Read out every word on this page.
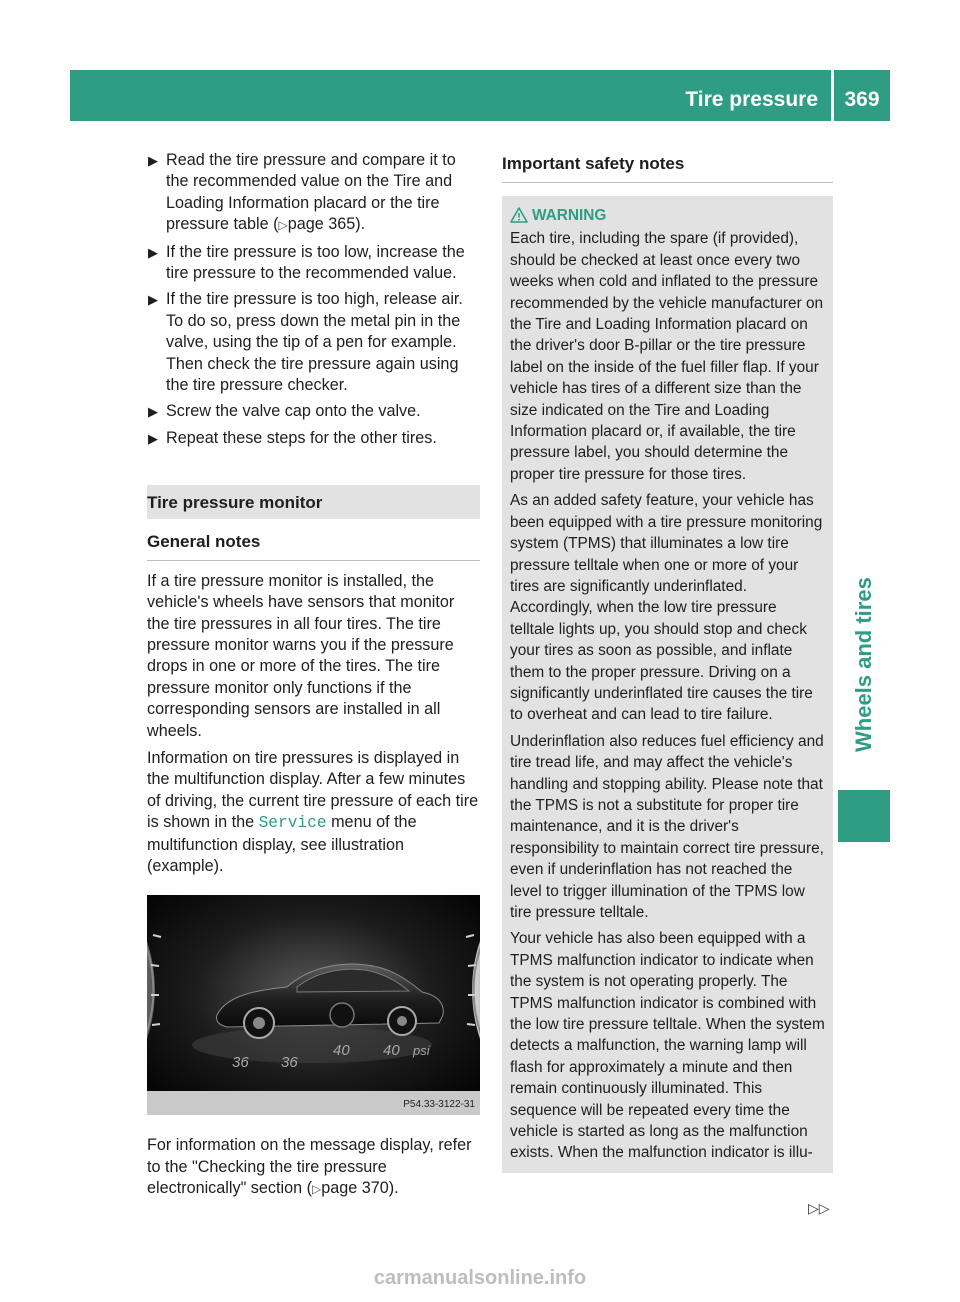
Tire pressure	369
Wheels and tires
▶ Read the tire pressure and compare it to the recommended value on the Tire and Loading Information placard or the tire pressure table (▷page 365).
▶ If the tire pressure is too low, increase the tire pressure to the recommended value.
▶ If the tire pressure is too high, release air. To do so, press down the metal pin in the valve, using the tip of a pen for example. Then check the tire pressure again using the tire pressure checker.
▶ Screw the valve cap onto the valve.
▶ Repeat these steps for the other tires.
Tire pressure monitor
General notes

If a tire pressure monitor is installed, the vehicle's wheels have sensors that monitor the tire pressures in all four tires. The tire pressure monitor warns you if the pressure drops in one or more of the tires. The tire pressure monitor only functions if the corresponding sensors are installed in all wheels.

Information on tire pressures is displayed in the multifunction display. After a few minutes of driving, the current tire pressure of each tire is shown in the Service menu of the multifunction display, see illustration (example).

36 36
40 40 psi
P54.33-3122-31

For information on the message display, refer to the "Checking the tire pressure electronically" section (▷page 370).

Important safety notes
WARNING

Each tire, including the spare (if provided), should be checked at least once every two weeks when cold and inflated to the pressure recommended by the vehicle manufacturer on the Tire and Loading Information placard on the driver's door B-pillar or the tire pressure label on the inside of the fuel filler flap. If your vehicle has tires of a different size than the size indicated on the Tire and Loading Information placard or, if available, the tire pressure label, you should determine the proper tire pressure for those tires.

As an added safety feature, your vehicle has been equipped with a tire pressure monitoring system (TPMS) that illuminates a low tire pressure telltale when one or more of your tires are significantly underinflated. Accordingly, when the low tire pressure telltale lights up, you should stop and check your tires as soon as possible, and inflate them to the proper pressure. Driving on a significantly underinflated tire causes the tire to overheat and can lead to tire failure.

Underinflation also reduces fuel efficiency and tire tread life, and may affect the vehicle's handling and stopping ability. Please note that the TPMS is not a substitute for proper tire maintenance, and it is the driver's responsibility to maintain correct tire pressure, even if underinflation has not reached the level to trigger illumination of the TPMS low tire pressure telltale.

Your vehicle has also been equipped with a TPMS malfunction indicator to indicate when the system is not operating properly. The TPMS malfunction indicator is combined with the low tire pressure telltale. When the system detects a malfunction, the warning lamp will flash for approximately a minute and then remain continuously illuminated. This sequence will be repeated every time the vehicle is started as long as the malfunction exists. When the malfunction indicator is illu-

▷▷
carmanualsonline.info
